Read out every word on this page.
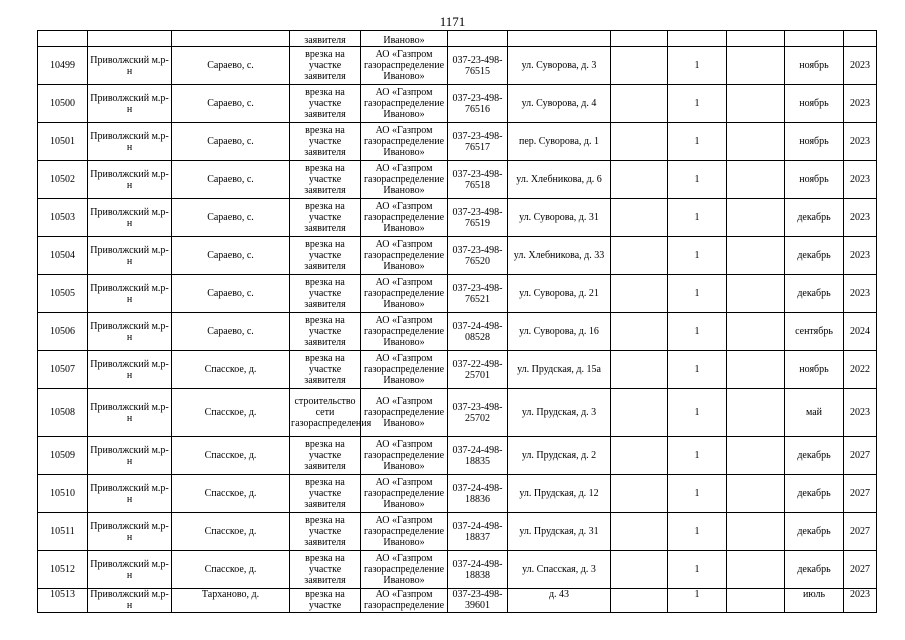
1171
			заявителя	Иваново»							
10499	Приволжский м.р-н	Сараево, с.	врезка на участке заявителя	АО «Газпром газораспределение Иваново»	037-23-498-76515	ул. Суворова, д. 3		1		ноябрь	2023
10500	Приволжский м.р-н	Сараево, с.	врезка на участке заявителя	АО «Газпром газораспределение Иваново»	037-23-498-76516	ул. Суворова, д. 4		1		ноябрь	2023
10501	Приволжский м.р-н	Сараево, с.	врезка на участке заявителя	АО «Газпром газораспределение Иваново»	037-23-498-76517	пер. Суворова, д. 1		1		ноябрь	2023
10502	Приволжский м.р-н	Сараево, с.	врезка на участке заявителя	АО «Газпром газораспределение Иваново»	037-23-498-76518	ул. Хлебникова, д. 6		1		ноябрь	2023
10503	Приволжский м.р-н	Сараево, с.	врезка на участке заявителя	АО «Газпром газораспределение Иваново»	037-23-498-76519	ул. Суворова, д. 31		1		декабрь	2023
10504	Приволжский м.р-н	Сараево, с.	врезка на участке заявителя	АО «Газпром газораспределение Иваново»	037-23-498-76520	ул. Хлебникова, д. 33		1		декабрь	2023
10505	Приволжский м.р-н	Сараево, с.	врезка на участке заявителя	АО «Газпром газораспределение Иваново»	037-23-498-76521	ул. Суворова, д. 21		1		декабрь	2023
10506	Приволжский м.р-н	Сараево, с.	врезка на участке заявителя	АО «Газпром газораспределение Иваново»	037-24-498-08528	ул. Суворова, д. 16		1		сентябрь	2024
10507	Приволжский м.р-н	Спасское, д.	врезка на участке заявителя	АО «Газпром газораспределение Иваново»	037-22-498-25701	ул. Прудская, д. 15а		1		ноябрь	2022
10508	Приволжский м.р-н	Спасское, д.	строительство сети газораспределения	АО «Газпром газораспределение Иваново»	037-23-498-25702	ул. Прудская, д. 3		1		май	2023
10509	Приволжский м.р-н	Спасское, д.	врезка на участке заявителя	АО «Газпром газораспределение Иваново»	037-24-498-18835	ул. Прудская, д. 2		1		декабрь	2027
10510	Приволжский м.р-н	Спасское, д.	врезка на участке заявителя	АО «Газпром газораспределение Иваново»	037-24-498-18836	ул. Прудская, д. 12		1		декабрь	2027
10511	Приволжский м.р-н	Спасское, д.	врезка на участке заявителя	АО «Газпром газораспределение Иваново»	037-24-498-18837	ул. Прудская, д. 31		1		декабрь	2027
10512	Приволжский м.р-н	Спасское, д.	врезка на участке заявителя	АО «Газпром газораспределение Иваново»	037-24-498-18838	ул. Спасская, д. 3		1		декабрь	2027
10513	Приволжский м.р-н	Тарханово, д.	врезка на участке	АО «Газпром газораспределение	037-23-498-39601	д. 43		1		июль	2023
